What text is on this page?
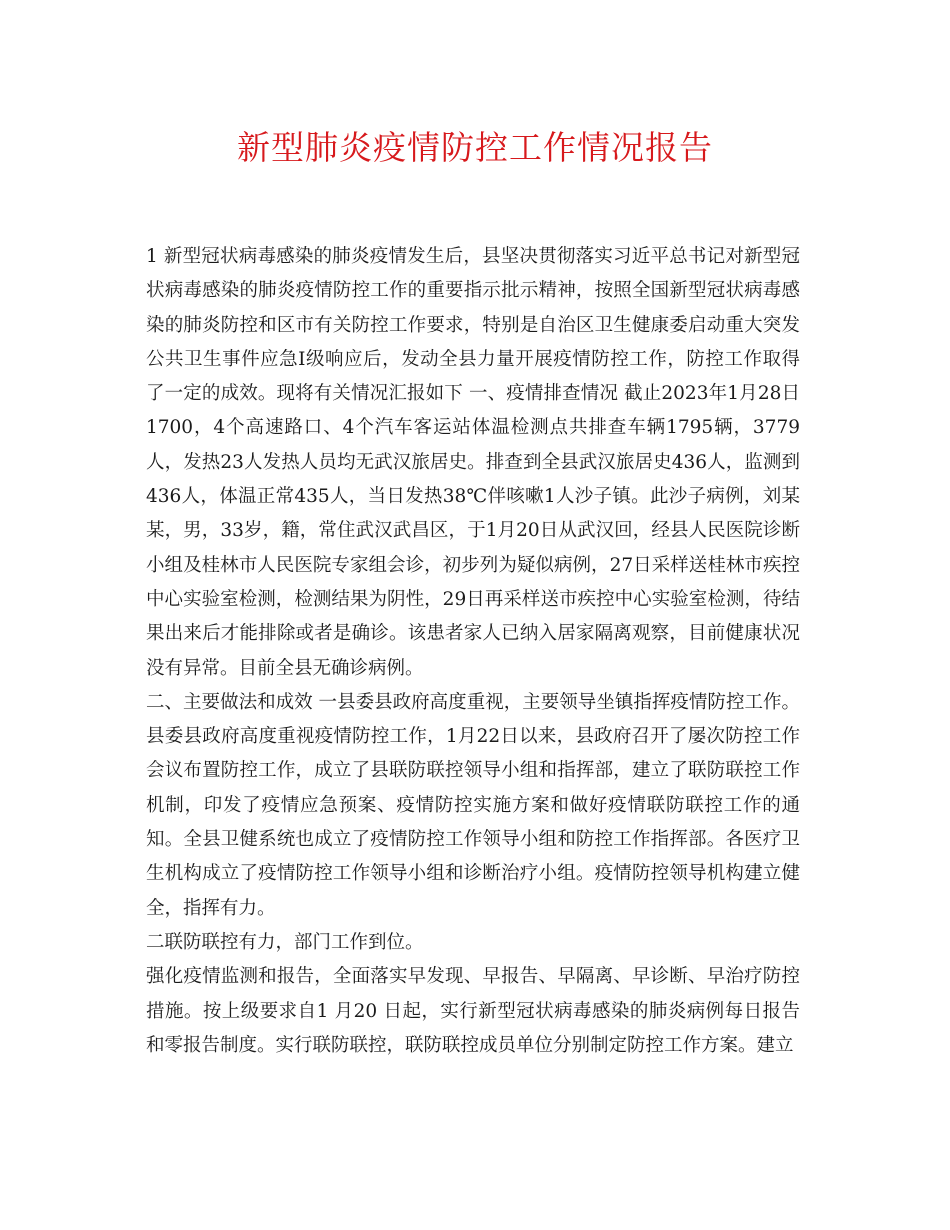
新型肺炎疫情防控工作情况报告

1 新型冠状病毒感染的肺炎疫情发生后，县坚决贯彻落实习近平总书记对新型冠状病毒感染的肺炎疫情防控工作的重要指示批示精神，按照全国新型冠状病毒感染的肺炎防控和区市有关防控工作要求，特别是自治区卫生健康委启动重大突发公共卫生事件应急Ⅰ级响应后，发动全县力量开展疫情防控工作，防控工作取得了一定的成效。现将有关情况汇报如下 一、疫情排查情况 截止2023年1月28日1700，4个高速路口、4个汽车客运站体温检测点共排查车辆1795辆，3779人，发热23人发热人员均无武汉旅居史。排查到全县武汉旅居史436人，监测到436人，体温正常435人，当日发热38℃伴咳嗽1人沙子镇。此沙子病例，刘某某，男，33岁，籍，常住武汉武昌区，于1月20日从武汉回，经县人民医院诊断小组及桂林市人民医院专家组会诊，初步列为疑似病例，27日采样送桂林市疾控中心实验室检测，检测结果为阴性，29日再采样送市疾控中心实验室检测，待结果出来后才能排除或者是确诊。该患者家人已纳入居家隔离观察，目前健康状况没有异常。目前全县无确诊病例。

二、主要做法和成效 一县委县政府高度重视，主要领导坐镇指挥疫情防控工作。县委县政府高度重视疫情防控工作，1月22日以来，县政府召开了屡次防控工作会议布置防控工作，成立了县联防联控领导小组和指挥部，建立了联防联控工作机制，印发了疫情应急预案、疫情防控实施方案和做好疫情联防联控工作的通知。全县卫健系统也成立了疫情防控工作领导小组和防控工作指挥部。各医疗卫生机构成立了疫情防控工作领导小组和诊断治疗小组。疫情防控领导机构建立健全，指挥有力。

二联防联控有力，部门工作到位。

强化疫情监测和报告，全面落实早发现、早报告、早隔离、早诊断、早治疗防控措施。按上级要求自1 月20 日起，实行新型冠状病毒感染的肺炎病例每日报告和零报告制度。实行联防联控，联防联控成员单位分别制定防控工作方案。建立
